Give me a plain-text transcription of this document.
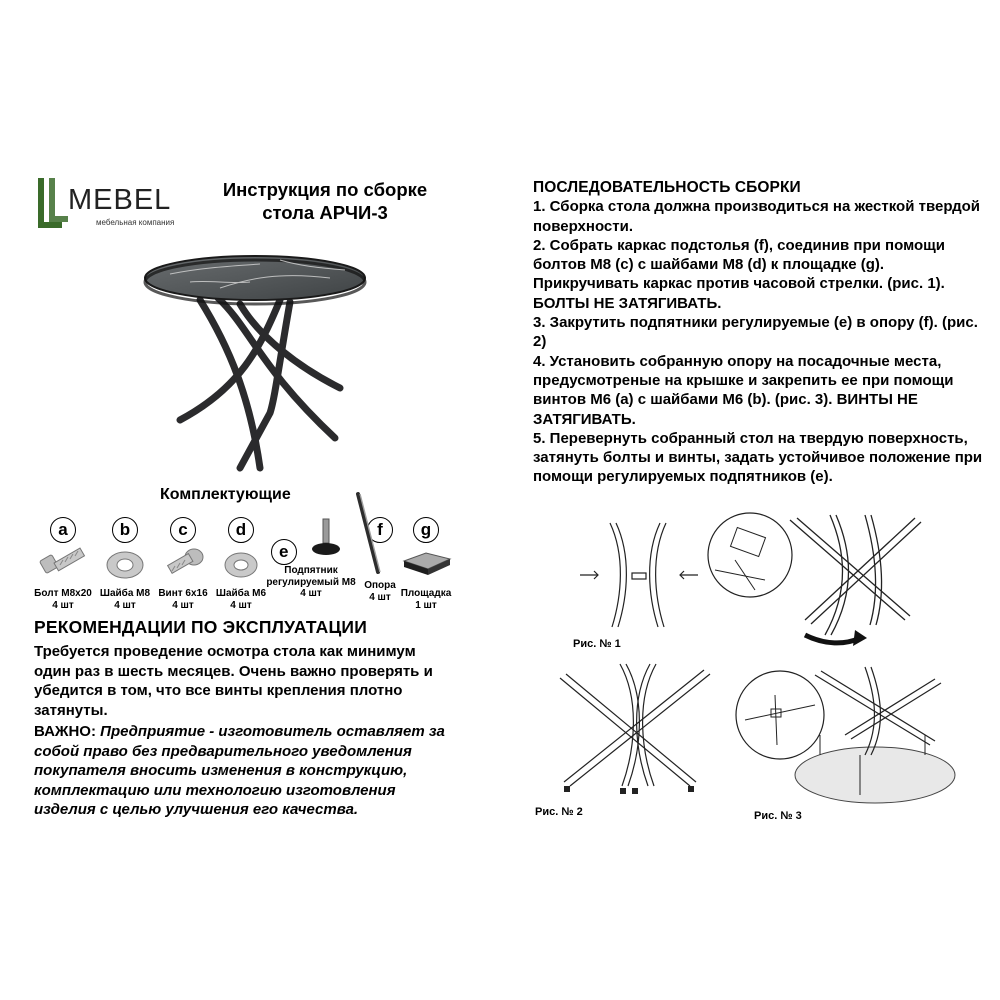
MEBEL
мебельная компания
Инструкция по сборке
стола АРЧИ-3
Комплектующие
a
Болт М8х20
4 шт
b
Шайба М8
4 шт
c
Винт 6х16
4 шт
d
Шайба М6
4 шт
e
Подпятник
регулируемый М8
4 шт
f
Опора
4 шт
g
Площадка
1 шт
РЕКОМЕНДАЦИИ ПО ЭКСПЛУАТАЦИИ

Требуется проведение осмотра стола как минимум один раз в шесть месяцев. Очень важно проверять и убедится в том, что все винты крепления плотно затянуты.

ВАЖНО: Предприятие - изготовитель оставляет за собой право без предварительного уведомления покупателя вносить изменения в конструкцию, комплектацию или технологию изготовления изделия с целью улучшения его качества.

ПОСЛЕДОВАТЕЛЬНОСТЬ СБОРКИ

1. Сборка стола должна производиться на жесткой твердой поверхности.

2. Собрать каркас подстолья (f), соединив при помощи болтов М8 (c) с шайбами М8 (d) к площадке (g). Прикручивать каркас против часовой стрелки. (рис. 1). БОЛТЫ НЕ ЗАТЯГИВАТЬ.

3. Закрутить подпятники регулируемые (e) в опору (f). (рис. 2)

4. Установить собранную опору на посадочные места, предусмотреные на крышке и закрепить ее при помощи винтов М6 (a) с шайбами М6 (b). (рис. 3). ВИНТЫ НЕ ЗАТЯГИВАТЬ.

5. Перевернуть собранный стол на твердую поверхность, затянуть болты и винты, задать устойчивое положение при помощи регулируемых подпятников (e).

Рис. № 1
Рис. № 2	Рис. № 3
